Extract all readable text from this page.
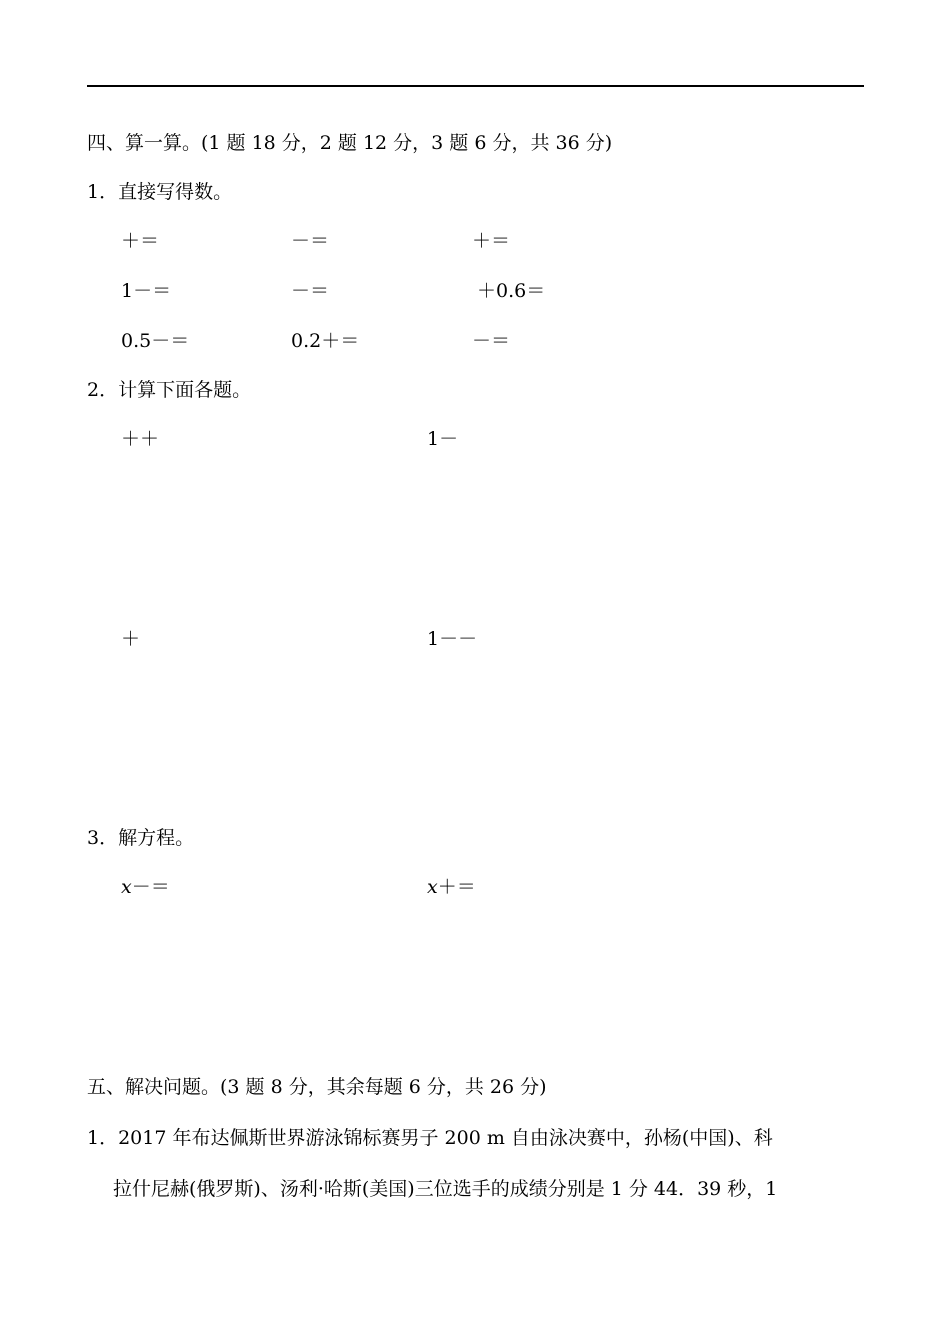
四、算一算。(1 题 18 分，2 题 12 分，3 题 6 分，共 36 分)
1．直接写得数。
＋＝	－＝	＋＝
1－＝	－＝	＋0.6＝
0.5－＝	0.2＋＝	－＝
2．计算下面各题。
＋＋	1－
＋	1－－
3．解方程。
x－＝	x＋＝
五、解决问题。(3 题 8 分，其余每题 6 分，共 26 分)
1．2017 年布达佩斯世界游泳锦标赛男子 200 m 自由泳决赛中，孙杨(中国)、科
拉什尼赫(俄罗斯)、汤利·哈斯(美国)三位选手的成绩分别是 1 分 44．39 秒，1
